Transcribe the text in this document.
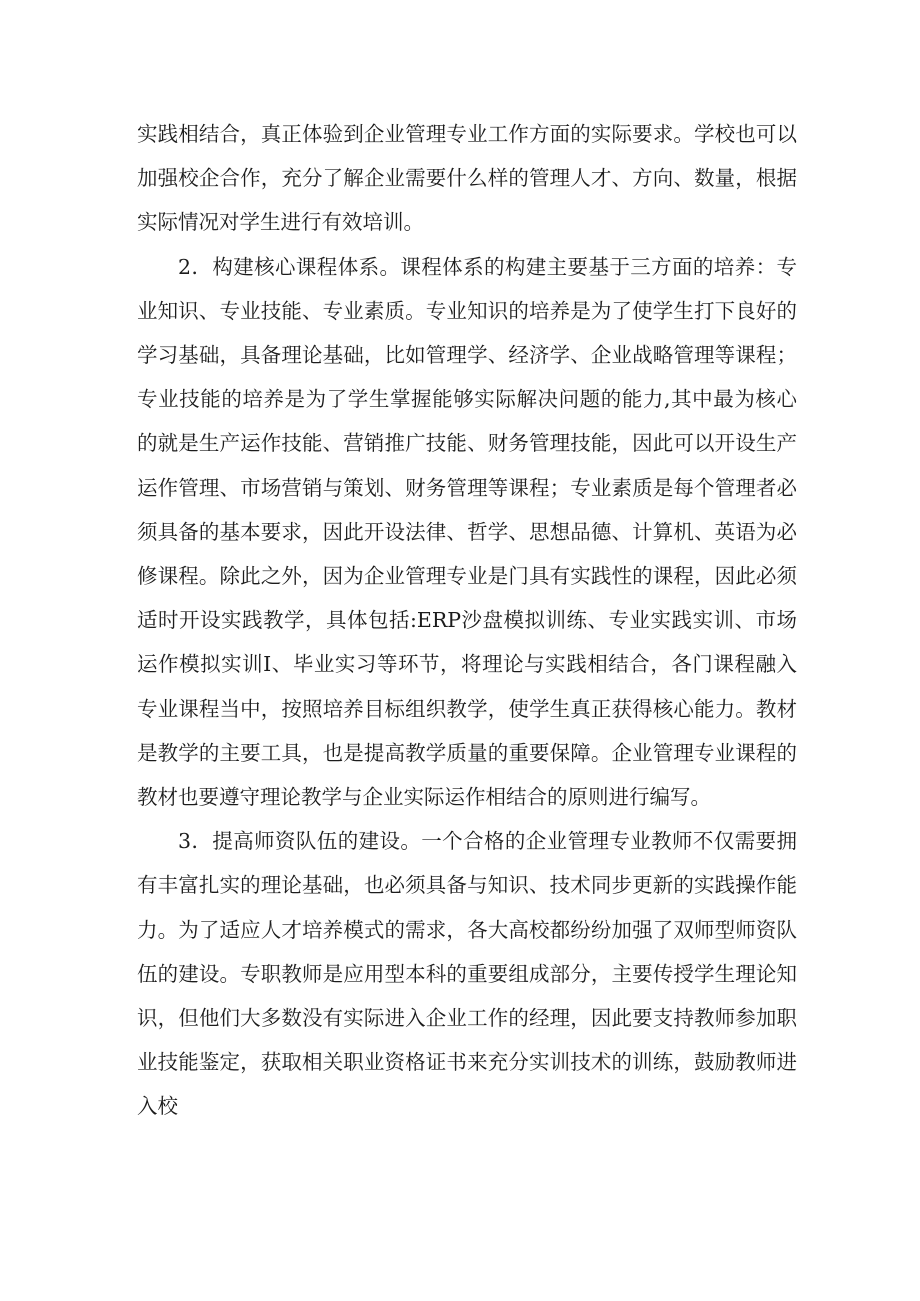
实践相结合，真正体验到企业管理专业工作方面的实际要求。学校也可以加强校企合作，充分了解企业需要什么样的管理人才、方向、数量，根据实际情况对学生进行有效培训。

2．构建核心课程体系。课程体系的构建主要基于三方面的培养：专业知识、专业技能、专业素质。专业知识的培养是为了使学生打下良好的学习基础，具备理论基础，比如管理学、经济学、企业战略管理等课程；专业技能的培养是为了学生掌握能够实际解决问题的能力,其中最为核心的就是生产运作技能、营销推广技能、财务管理技能，因此可以开设生产运作管理、市场营销与策划、财务管理等课程；专业素质是每个管理者必须具备的基本要求，因此开设法律、哲学、思想品德、计算机、英语为必修课程。除此之外，因为企业管理专业是门具有实践性的课程，因此必须适时开设实践教学，具体包括:ERP沙盘模拟训练、专业实践实训、市场运作模拟实训I、毕业实习等环节，将理论与实践相结合，各门课程融入专业课程当中，按照培养目标组织教学，使学生真正获得核心能力。教材是教学的主要工具，也是提高教学质量的重要保障。企业管理专业课程的教材也要遵守理论教学与企业实际运作相结合的原则进行编写。

3．提高师资队伍的建设。一个合格的企业管理专业教师不仅需要拥有丰富扎实的理论基础，也必须具备与知识、技术同步更新的实践操作能力。为了适应人才培养模式的需求，各大高校都纷纷加强了双师型师资队伍的建设。专职教师是应用型本科的重要组成部分，主要传授学生理论知识，但他们大多数没有实际进入企业工作的经理，因此要支持教师参加职业技能鉴定，获取相关职业资格证书来充分实训技术的训练，鼓励教师进入校
